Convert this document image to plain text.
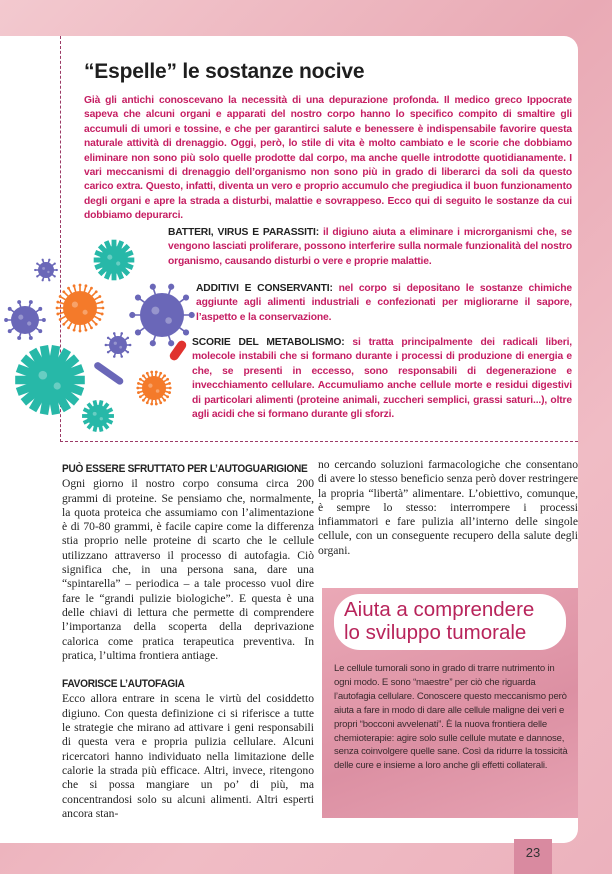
“Espelle” le sostanze nocive

Già gli antichi conoscevano la necessità di una depurazione profonda. Il medico greco Ippocrate sapeva che alcuni organi e apparati del nostro corpo hanno lo specifico compito di smaltire gli accumuli di umori e tossine, e che per garantirci salute e benessere è indispensabile favorire questa naturale attività di drenaggio. Oggi, però, lo stile di vita è molto cambiato e le scorie che dobbiamo eliminare non sono più solo quelle prodotte dal corpo, ma anche quelle introdotte quotidianamente. I vari meccanismi di drenaggio dell’organismo non sono più in grado di liberarci da soli da questo carico extra. Questo, infatti, diventa un vero e proprio accumulo che pregiudica il buon funzionamento degli organi e apre la strada a disturbi, malattie e sovrappeso. Ecco qui di seguito le sostanze da cui dobbiamo depurarci.

BATTERI, VIRUS E PARASSITI: il digiuno aiuta a eliminare i microrganismi che, se vengono lasciati proliferare, possono interferire sulla normale funzionalità del nostro organismo, causando disturbi o vere e proprie malattie.

ADDITIVI E CONSERVANTI: nel corpo si depositano le sostanze chimiche aggiunte agli alimenti industriali e confezionati per migliorarne il sapore, l’aspetto e la conservazione.

SCORIE DEL METABOLISMO: si tratta principalmente dei radicali liberi, molecole instabili che si formano durante i processi di produzione di energia e che, se presenti in eccesso, sono responsabili di degenerazione e invecchiamento cellulare. Accumuliamo anche cellule morte e residui digestivi di particolari alimenti (proteine animali, zuccheri semplici, grassi saturi...), oltre agli acidi che si formano durante gli sforzi.

PUÒ ESSERE SFRUTTATO PER L’AUTOGUARIGIONE

Ogni giorno il nostro corpo consuma circa 200 grammi di proteine. Se pensiamo che, normalmente, la quota proteica che assumiamo con l’alimentazione è di 70-80 grammi, è facile capire come la differenza stia proprio nelle proteine di scarto che le cellule utilizzano attraverso il processo di autofagia. Ciò significa che, in una persona sana, dare una “spintarella” – periodica – a tale processo vuol dire fare le “grandi pulizie biologiche”. E questa è una delle chiavi di lettura che permette di comprendere l’importanza della scoperta della deprivazione calorica come pratica terapeutica preventiva. In pratica, l’ultima frontiera antiage.

FAVORISCE L’AUTOFAGIA

Ecco allora entrare in scena le virtù del cosiddetto digiuno. Con questa definizione ci si riferisce a tutte le strategie che mirano ad attivare i geni responsabili di questa vera e propria pulizia cellulare. Alcuni ricercatori hanno individuato nella limitazione delle calorie la strada più efficace. Altri, invece, ritengono che si possa mangiare un po’ di più, ma concentrandosi solo su alcuni alimenti. Altri esperti ancora stan-

no cercando soluzioni farmacologiche che consentano di avere lo stesso beneficio senza però dover restringere la propria “libertà” alimentare. L’obiettivo, comunque, è sempre lo stesso: interrompere i processi infiammatori e fare pulizia all’interno delle singole cellule, con un conseguente recupero della salute degli organi.

Aiuta a comprendere
lo sviluppo tumorale

Le cellule tumorali sono in grado di trarre nutrimento in ogni modo. E sono “maestre” per ciò che riguarda l’autofagia cellulare. Conoscere questo meccanismo però aiuta a fare in modo di dare alle cellule maligne dei veri e propri “bocconi avvelenati”. È la nuova frontiera delle chemioterapie: agire solo sulle cellule mutate e dannose, senza coinvolgere quelle sane. Così da ridurre la tossicità delle cure e insieme a loro anche gli effetti collaterali.

23
